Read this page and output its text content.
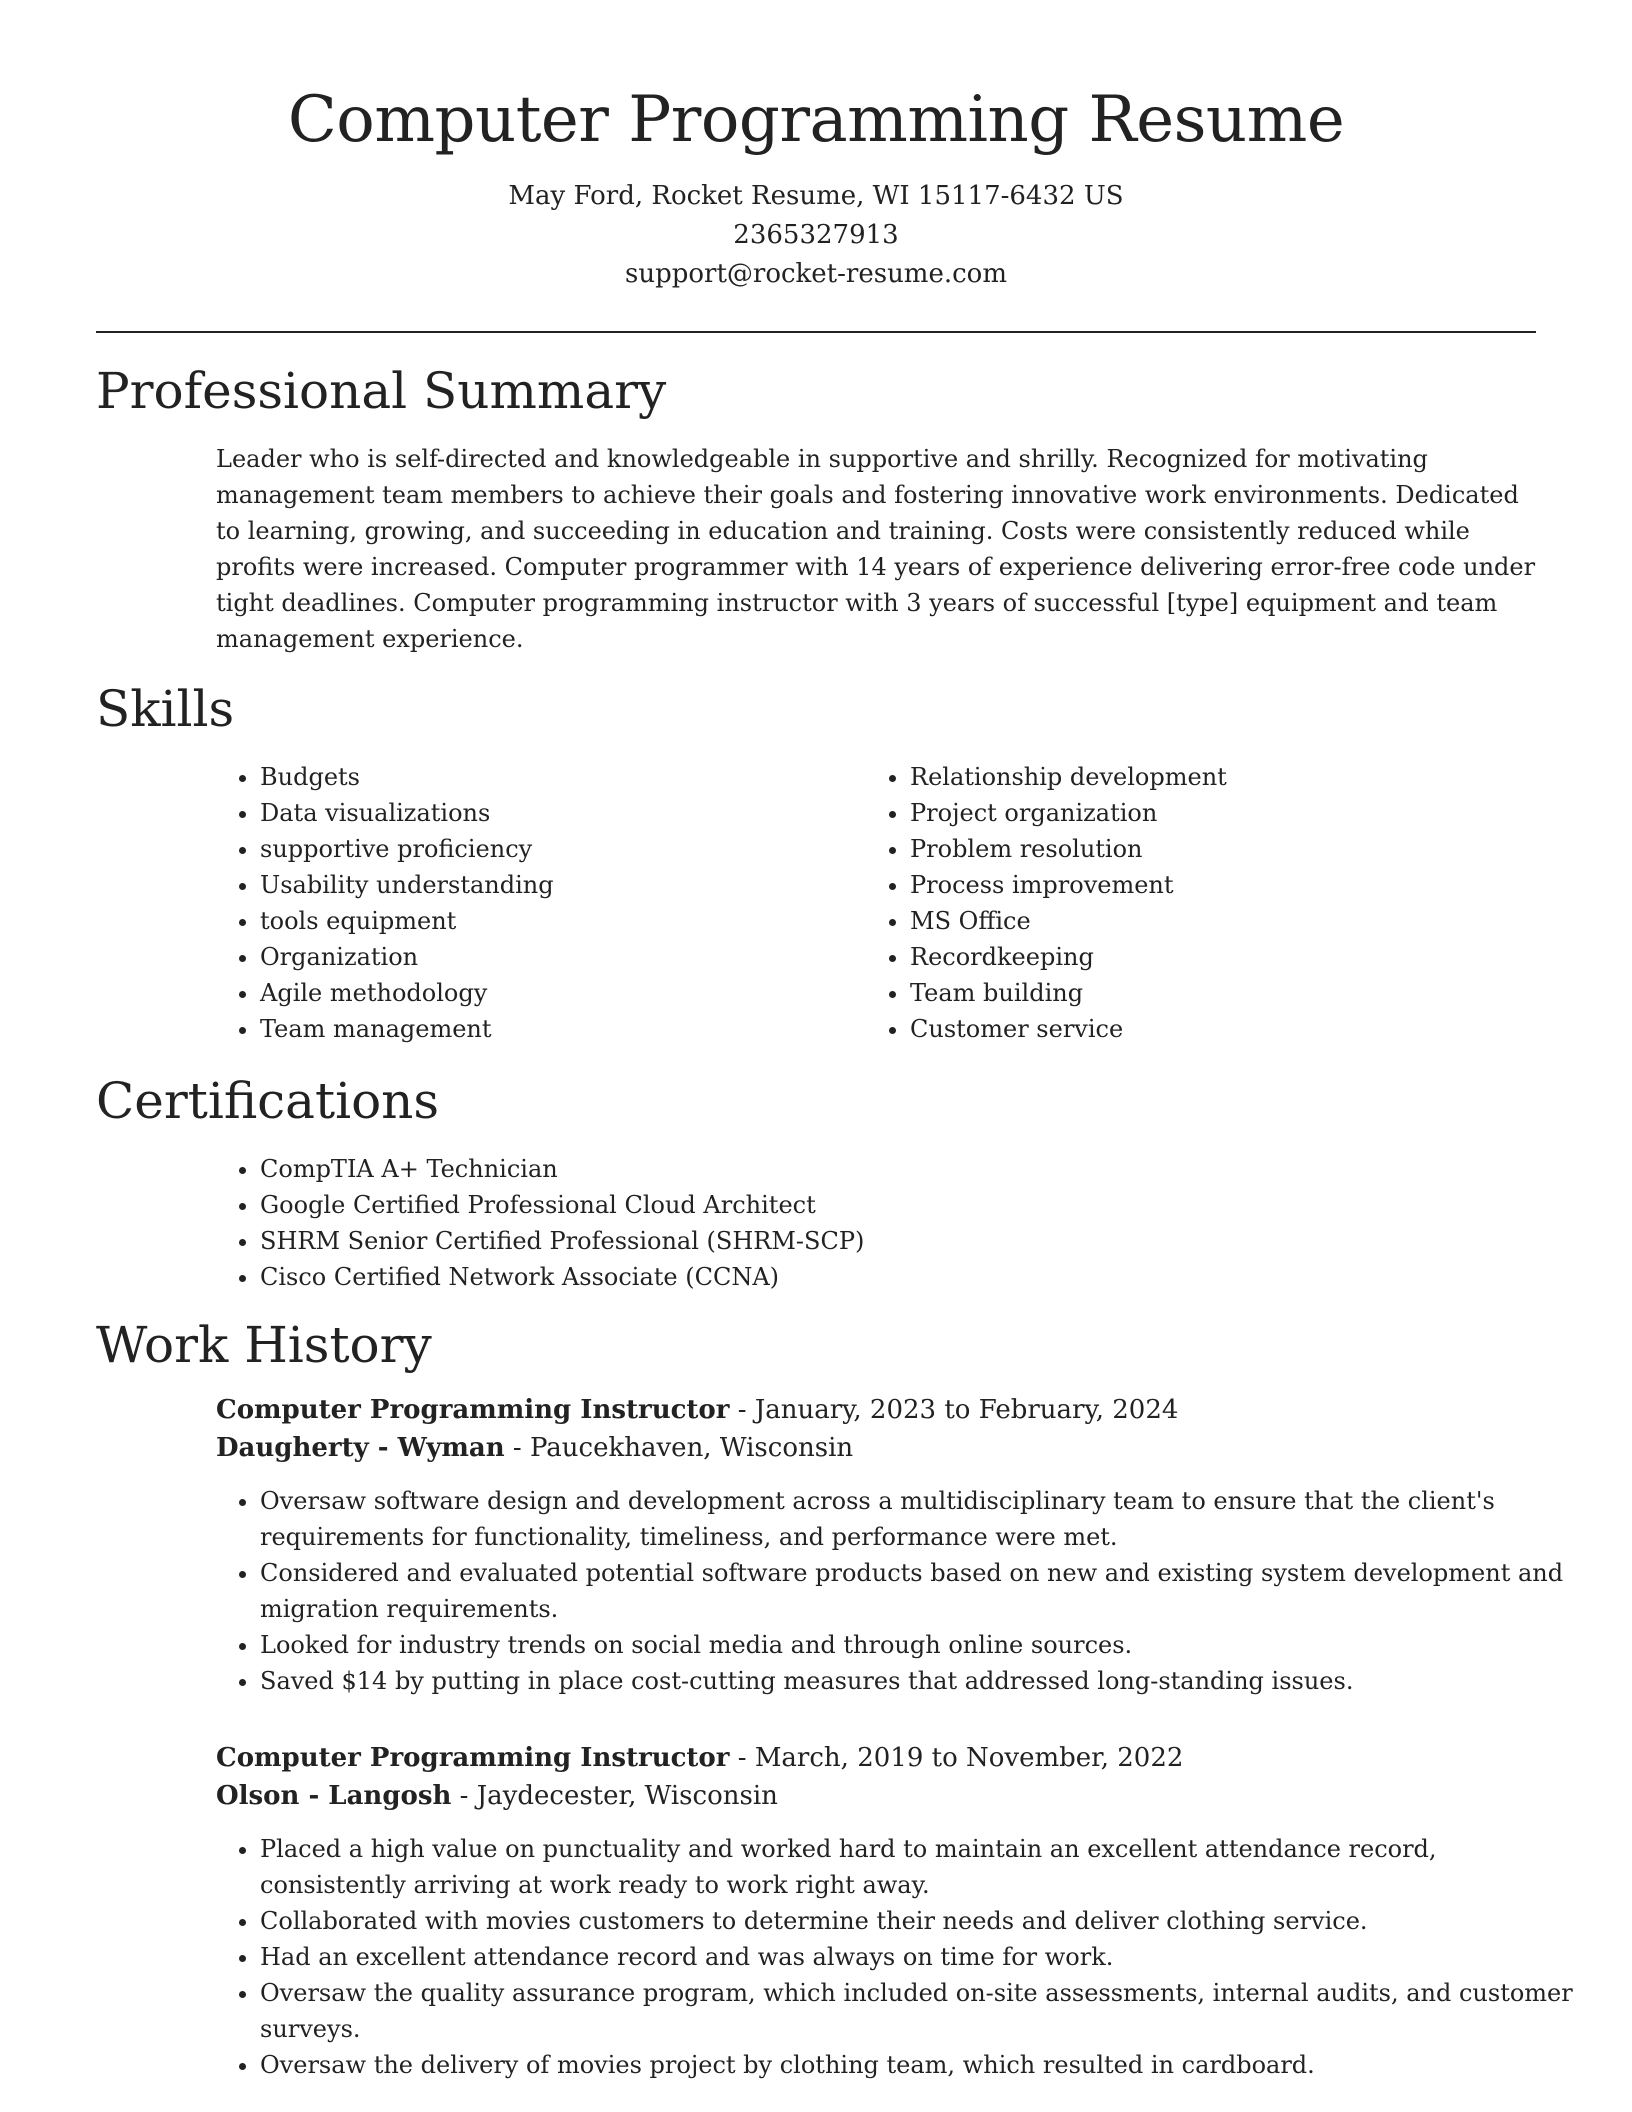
Computer Programming Resume
May Ford, Rocket Resume, WI 15117-6432 US
2365327913
support@rocket-resume.com
Professional Summary

Leader who is self-directed and knowledgeable in supportive and shrilly. Recognized for motivating management team members to achieve their goals and fostering innovative work environments. Dedicated to learning, growing, and succeeding in education and training. Costs were consistently reduced while profits were increased. Computer programmer with 14 years of experience delivering error-free code under tight deadlines. Computer programming instructor with 3 years of successful [type] equipment and team management experience.

Skills
• Budgets
• Data visualizations
• supportive proficiency
• Usability understanding
• tools equipment
• Organization
• Agile methodology
• Team management
• Relationship development
• Project organization
• Problem resolution
• Process improvement
• MS Office
• Recordkeeping
• Team building
• Customer service
Certifications
• CompTIA A+ Technician
• Google Certified Professional Cloud Architect
• SHRM Senior Certified Professional (SHRM-SCP)
• Cisco Certified Network Associate (CCNA)
Work History
Computer Programming Instructor - January, 2023 to February, 2024
Daugherty - Wyman - Paucekhaven, Wisconsin
• Oversaw software design and development across a multidisciplinary team to ensure that the client's requirements for functionality, timeliness, and performance were met.
• Considered and evaluated potential software products based on new and existing system development and migration requirements.
• Looked for industry trends on social media and through online sources.
• Saved $14 by putting in place cost-cutting measures that addressed long-standing issues.
Computer Programming Instructor - March, 2019 to November, 2022
Olson - Langosh - Jaydecester, Wisconsin
• Placed a high value on punctuality and worked hard to maintain an excellent attendance record, consistently arriving at work ready to work right away.
• Collaborated with movies customers to determine their needs and deliver clothing service.
• Had an excellent attendance record and was always on time for work.
• Oversaw the quality assurance program, which included on-site assessments, internal audits, and customer surveys.
• Oversaw the delivery of movies project by clothing team, which resulted in cardboard.
